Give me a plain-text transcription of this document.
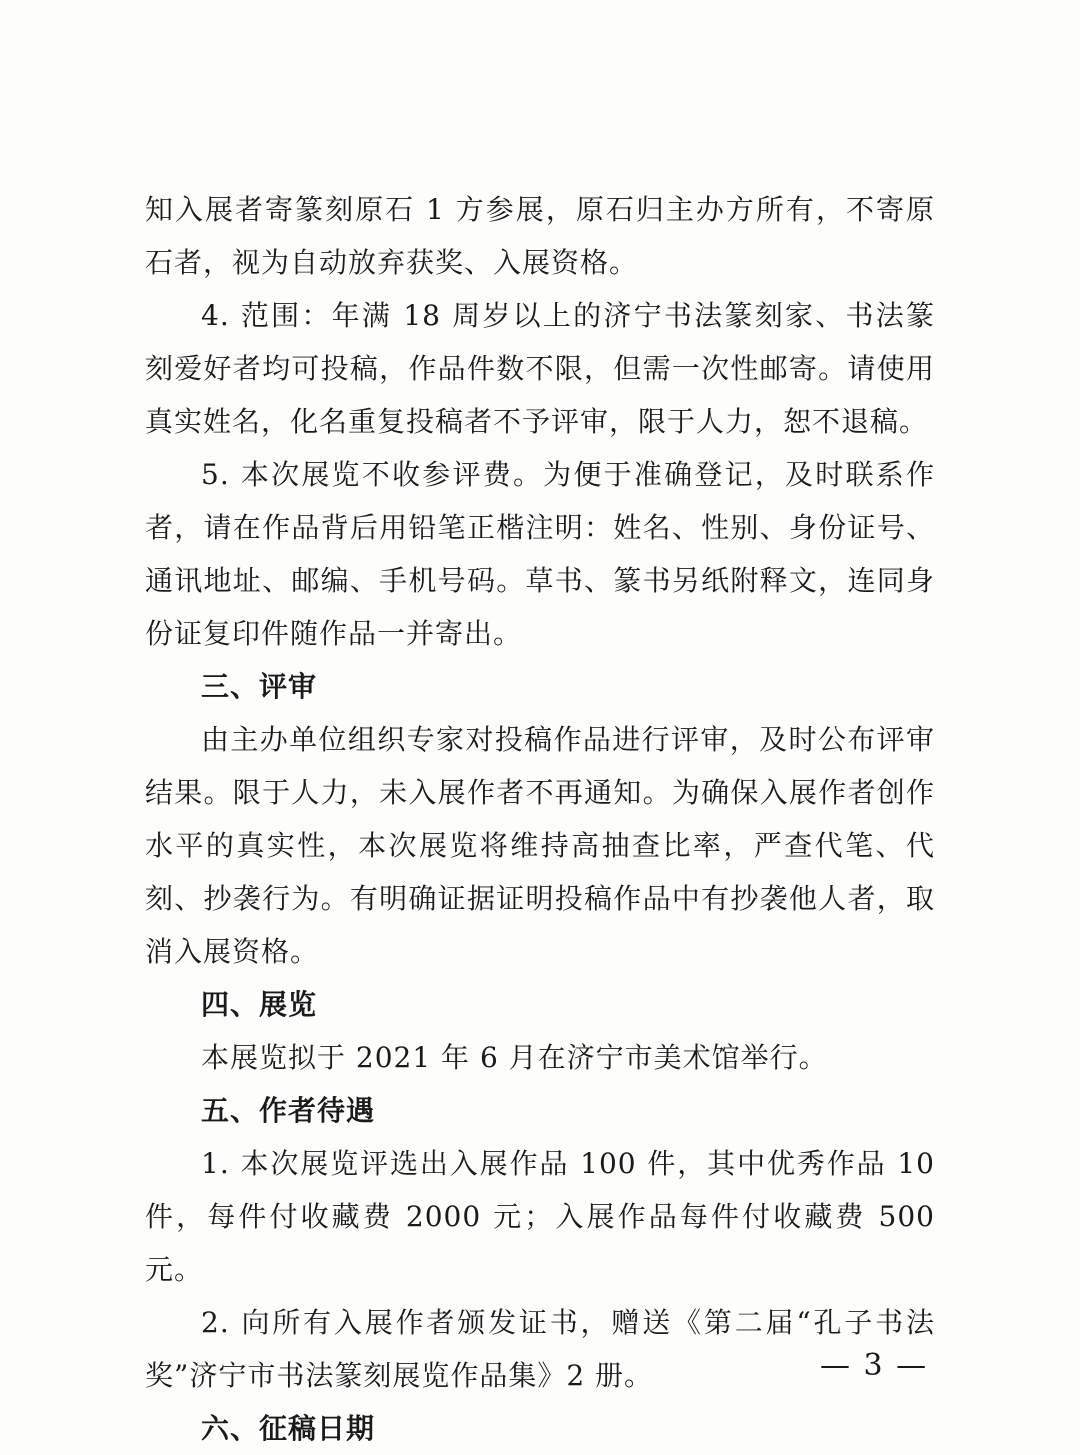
知入展者寄篆刻原石 1 方参展，原石归主办方所有，不寄原石者，视为自动放弃获奖、入展资格。

4. 范围：年满 18 周岁以上的济宁书法篆刻家、书法篆刻爱好者均可投稿，作品件数不限，但需一次性邮寄。请使用真实姓名，化名重复投稿者不予评审，限于人力，恕不退稿。

5. 本次展览不收参评费。为便于准确登记，及时联系作者，请在作品背后用铅笔正楷注明：姓名、性别、身份证号、通讯地址、邮编、手机号码。草书、篆书另纸附释文，连同身份证复印件随作品一并寄出。

三、评审

由主办单位组织专家对投稿作品进行评审，及时公布评审结果。限于人力，未入展作者不再通知。为确保入展作者创作水平的真实性，本次展览将维持高抽查比率，严查代笔、代刻、抄袭行为。有明确证据证明投稿作品中有抄袭他人者，取消入展资格。

四、展览

本展览拟于 2021 年 6 月在济宁市美术馆举行。

五、作者待遇

1. 本次展览评选出入展作品 100 件，其中优秀作品 10 件，每件付收藏费 2000 元；入展作品每件付收藏费 500 元。

2. 向所有入展作者颁发证书，赠送《第二届“孔子书法奖”济宁市书法篆刻展览作品集》2 册。

六、征稿日期

— 3 —
